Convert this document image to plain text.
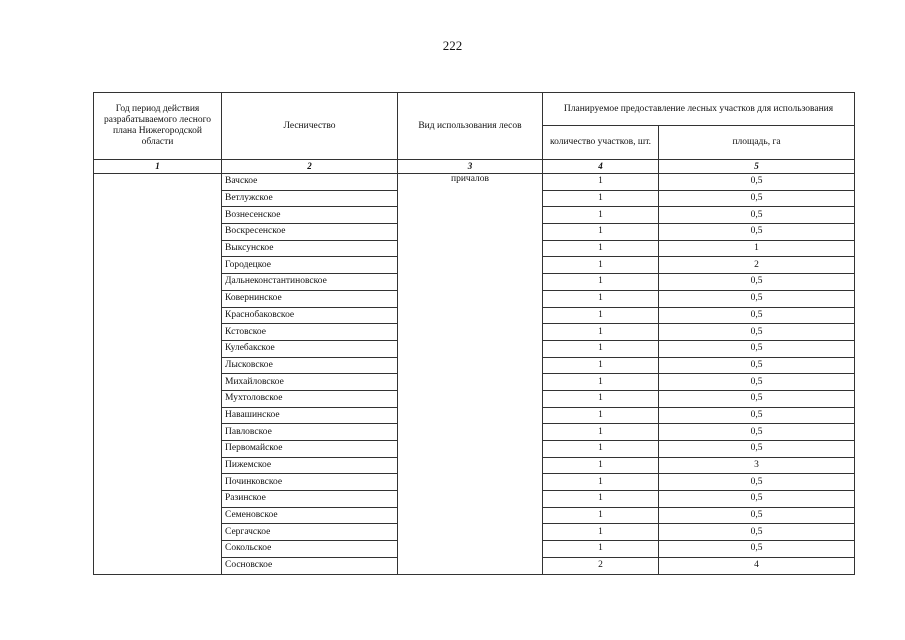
222
Год период действия разрабатываемого лесного плана Нижегородской области	Лесничество	Вид использования лесов	Планируемое предоставление лесных участков для использования	
			количество участков, шт.	площадь, га
1	2	3	4	5
	Вачское	причалов	1	0,5
	Ветлужское		1	0,5
	Вознесенское		1	0,5
	Воскресенское		1	0,5
	Выксунское		1	1
	Городецкое		1	2
	Дальнеконстантиновское		1	0,5
	Ковернинское		1	0,5
	Краснобаковское		1	0,5
	Кстовское		1	0,5
	Кулебакское		1	0,5
	Лысковское		1	0,5
	Михайловское		1	0,5
	Мухтоловское		1	0,5
	Навашинское		1	0,5
	Павловское		1	0,5
	Первомайское		1	0,5
	Пижемское		1	3
	Починковское		1	0,5
	Разинское		1	0,5
	Семеновское		1	0,5
	Сергачское		1	0,5
	Сокольское		1	0,5
	Сосновское		2	4
